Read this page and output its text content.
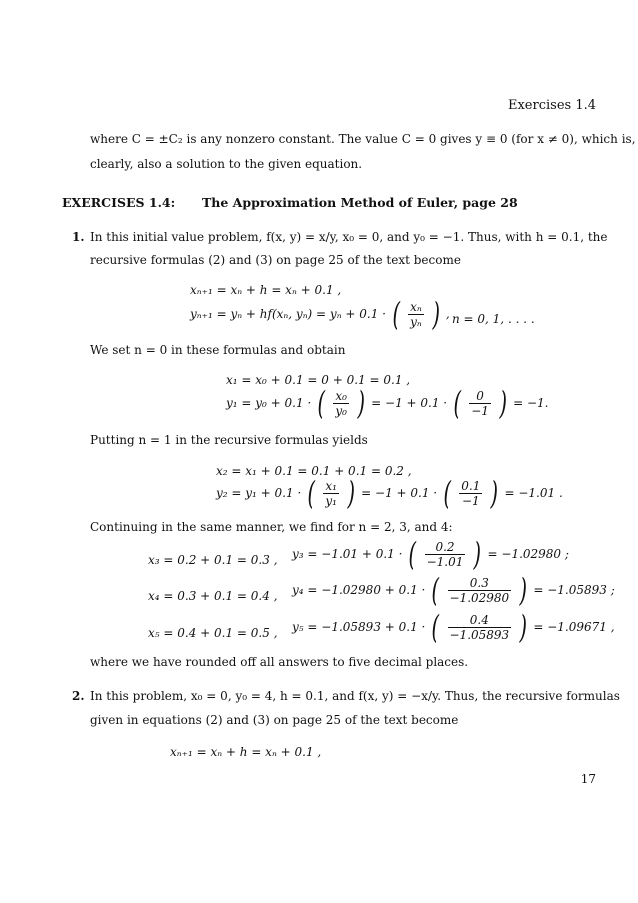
Exercises 1.4
where C = ±C₂ is any nonzero constant. The value C = 0 gives y ≡ 0 (for x ≠ 0), which is,
clearly, also a solution to the given equation.
EXERCISES 1.4: The Approximation Method of Euler, page 28
1. In this initial value problem, f(x, y) = x/y, x₀ = 0, and y₀ = −1. Thus, with h = 0.1, the
recursive formulas (2) and (3) on page 25 of the text become
xₙ₊₁ = xₙ + h = xₙ + 0.1 ,
yₙ₊₁ = yₙ + hf(xₙ, yₙ) = yₙ + 0.1 · ( $\frac{\text{xₙ}}{\text{yₙ}}$ ) , n = 0, 1, . . . .
We set n = 0 in these formulas and obtain
x₁ = x₀ + 0.1 = 0 + 0.1 = 0.1 ,
y₁ = y₀ + 0.1 · ( $\frac{\text{x₀}}{\text{y₀}}$ ) = −1 + 0.1 · ( $\frac{0}{-1}$ ) = −1.
Putting n = 1 in the recursive formulas yields
x₂ = x₁ + 0.1 = 0.1 + 0.1 = 0.2 ,
y₂ = y₁ + 0.1 · ( $\frac{\text{x₁}}{\text{y₁}}$ ) = −1 + 0.1 · ( $\frac{0.1}{-1}$ ) = −1.01 .
Continuing in the same manner, we find for n = 2, 3, and 4:
x₃ = 0.2 + 0.1 = 0.3 , y₃ = −1.01 + 0.1 · ( $\frac{0.2}{-1.01}$ ) = −1.02980 ;
x₄ = 0.3 + 0.1 = 0.4 , y₄ = −1.02980 + 0.1 · ( $\frac{0.3}{-1.02980}$ ) = −1.05893 ;
x₅ = 0.4 + 0.1 = 0.5 , y₅ = −1.05893 + 0.1 · ( $\frac{0.4}{-1.05893}$ ) = −1.09671 ,
where we have rounded off all answers to five decimal places.
2. In this problem, x₀ = 0, y₀ = 4, h = 0.1, and f(x, y) = −x/y. Thus, the recursive formulas
given in equations (2) and (3) on page 25 of the text become
xₙ₊₁ = xₙ + h = xₙ + 0.1 ,
17
